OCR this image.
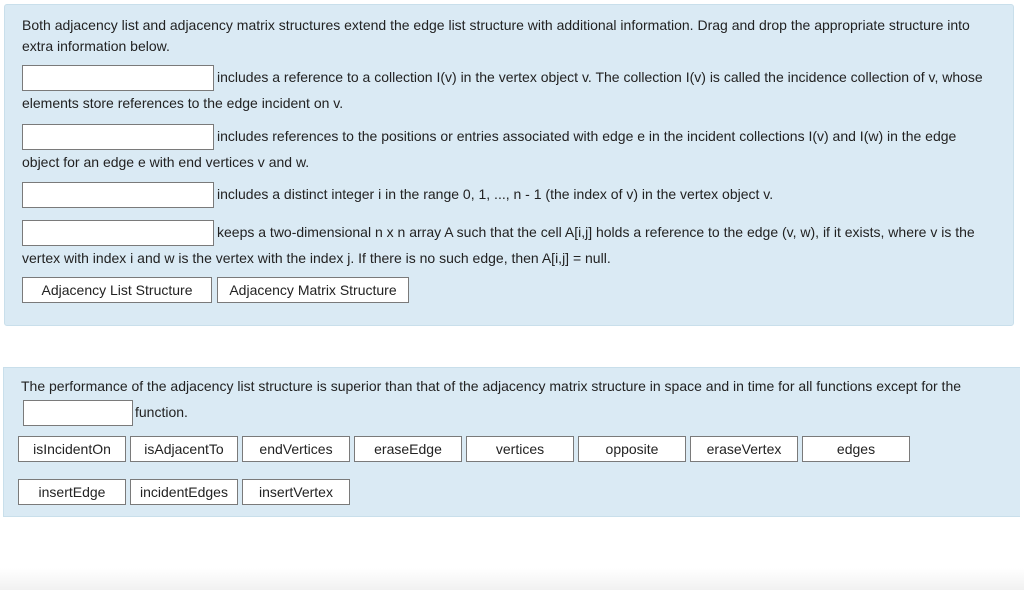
Both adjacency list and adjacency matrix structures extend the edge list structure with additional information. Drag and drop the appropriate structure into extra information below.

includes a reference to a collection I(v) in the vertex object v. The collection I(v) is called the incidence collection of v, whose elements store references to the edge incident on v.

includes references to the positions or entries associated with edge e in the incident collections I(v) and I(w) in the edge object for an edge e with end vertices v and w.

includes a distinct integer i in the range 0, 1, ..., n - 1 (the index of v) in the vertex object v.

keeps a two-dimensional n x n array A such that the cell A[i,j] holds a reference to the edge (v, w), if it exists, where v is the vertex with index i and w is the vertex with the index j. If there is no such edge, then A[i,j] = null.

Adjacency List Structure	Adjacency Matrix Structure

The performance of the adjacency list structure is superior than that of the adjacency matrix structure in space and in time for all functions except for thefunction.

isIncidentOn	isAdjacentTo	endVertices	eraseEdge	vertices	opposite	eraseVertex	edges
insertEdge	incidentEdges	insertVertex
